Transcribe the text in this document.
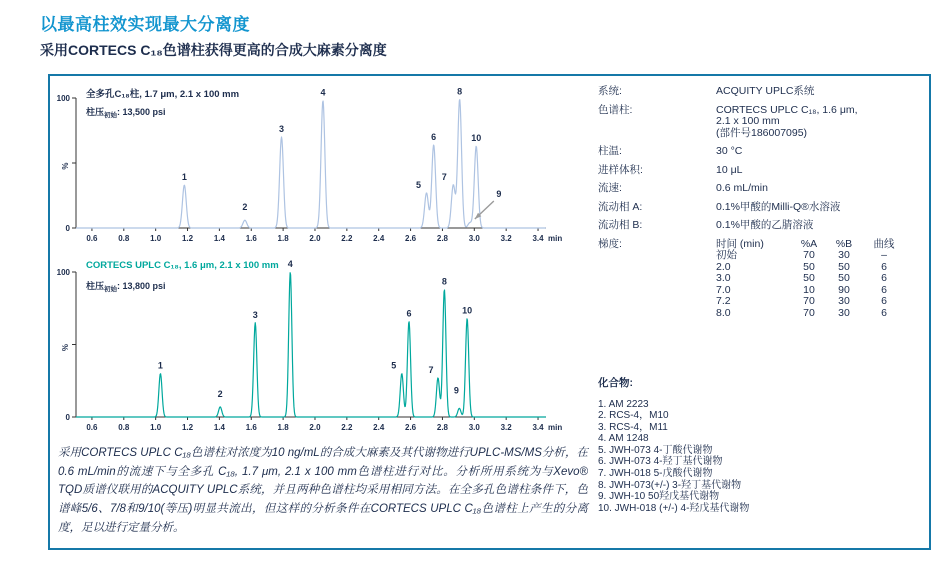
以最高柱效实现最大分离度
采用CORTECS C₁₈色谱柱获得更高的合成大麻素分离度
全多孔C₁₈柱, 1.7 μm, 2.1 x 100 mm
柱压$_{初始}$: 13,500 psi
100
0
%
0.6	0.8	1.0	1.2	1.4	1.6	1.8	2.0	2.2	2.4	2.6	2.8	3.0	3.2	3.4 min
1
2
3
4
5
6
7
8
9
10
CORTECS UPLC C₁₈, 1.6 μm, 2.1 x 100 mm
柱压$_{初始}$: 13,800 psi
100
0
%
0.6	0.8	1.0	1.2	1.4	1.6	1.8	2.0	2.2	2.4	2.6	2.8	3.0	3.2	3.4 min
1
2
3
4
5
6
7
8
9
10

采用CORTECS UPLC C₁₈色谱柱对浓度为10 ng/mL的合成大麻素及其代谢物进行UPLC-MS/MS分析，在0.6 mL/min的流速下与全多孔 C₁₈, 1.7 μm, 2.1 x 100 mm色谱柱进行对比。分析所用系统为与Xevo® TQD质谱仪联用的ACQUITY UPLC系统，并且两种色谱柱均采用相同方法。在全多孔色谱柱条件下，色谱峰5/6、7/8和9/10(等压)明显共流出，但这样的分析条件在CORTECS UPLC C₁₈色谱柱上产生的分离度，足以进行定量分析。

系统:	ACQUITY UPLC系统
色谱柱:	CORTECS UPLC C₁₈, 1.6 μm,
2.1 x 100 mm
(部件号186007095)
柱温:	30 °C
进样体积:	10 μL
流速:	0.6 mL/min
流动相 A:	0.1%甲酸的Milli-Q®水溶液
流动相 B:	0.1%甲酸的乙腈溶液
梯度:	时间 (min)	%A	%B	曲线
初始	70	30	–
2.0	50	50	6
3.0	50	50	6
7.0	10	90	6
7.2	70	30	6
8.0	70	30	6
化合物:
1. AM 2223
2. RCS-4，M10
3. RCS-4，M11
4. AM 1248
5. JWH-073 4-丁酸代谢物
6. JWH-073 4-羟丁基代谢物
7. JWH-018 5-戊酸代谢物
8. JWH-073(+/-) 3-羟丁基代谢物
9. JWH-10 50羟戊基代谢物
10. JWH-018 (+/-) 4-羟戊基代谢物
